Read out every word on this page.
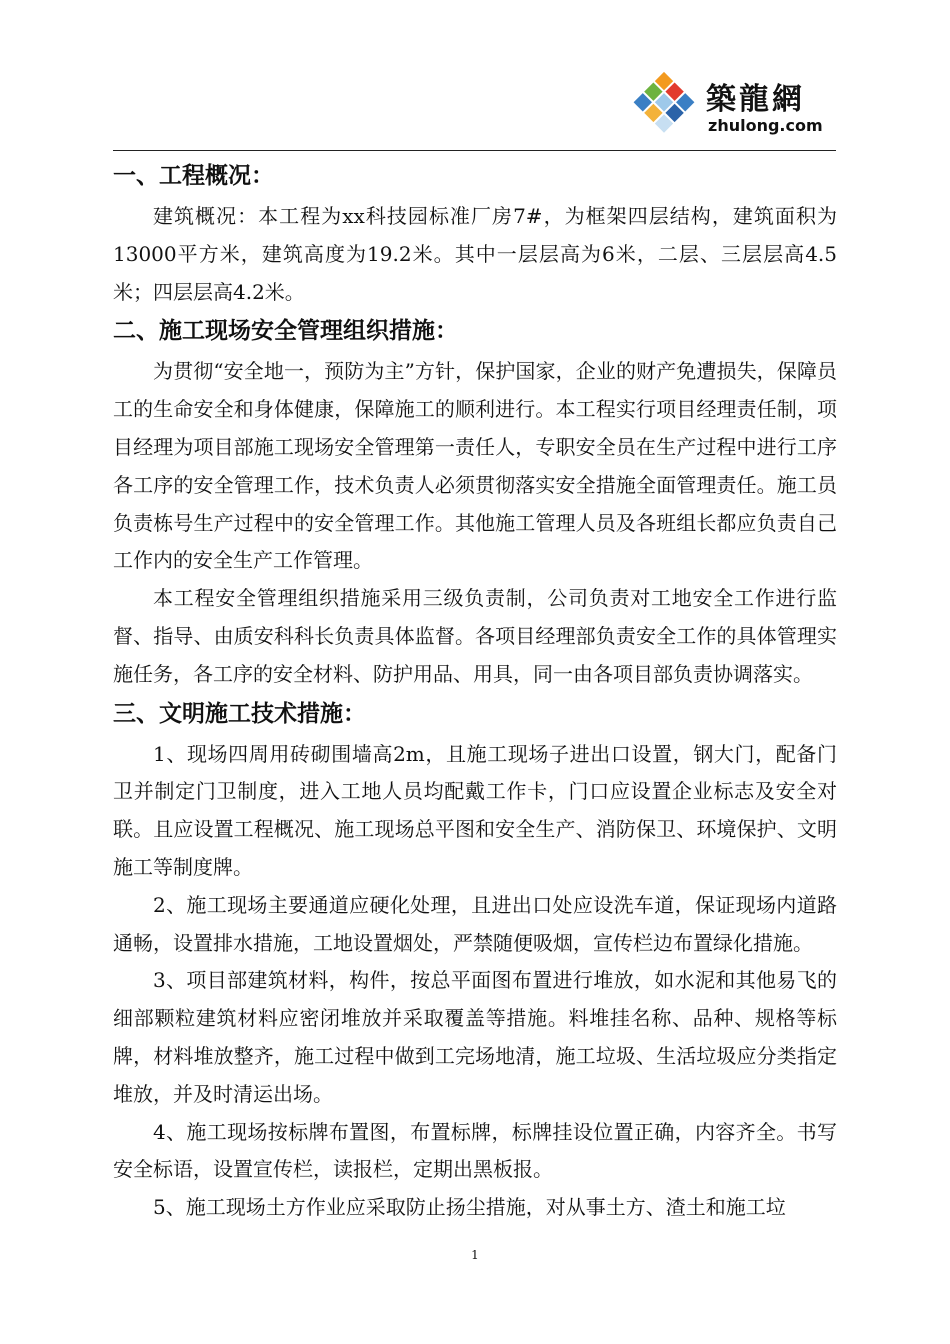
築龍網
zhulong.com
一、工程概况：

建筑概况：本工程为xx科技园标准厂房7#，为框架四层结构，建筑面积为13000平方米，建筑高度为19.2米。其中一层层高为6米，二层、三层层高4.5米；四层层高4.2米。

二、施工现场安全管理组织措施：

为贯彻“安全地一，预防为主”方针，保护国家，企业的财产免遭损失，保障员工的生命安全和身体健康，保障施工的顺利进行。本工程实行项目经理责任制，项目经理为项目部施工现场安全管理第一责任人，专职安全员在生产过程中进行工序各工序的安全管理工作，技术负责人必须贯彻落实安全措施全面管理责任。施工员负责栋号生产过程中的安全管理工作。其他施工管理人员及各班组长都应负责自己工作内的安全生产工作管理。

本工程安全管理组织措施采用三级负责制，公司负责对工地安全工作进行监督、指导、由质安科科长负责具体监督。各项目经理部负责安全工作的具体管理实施任务，各工序的安全材料、防护用品、用具，同一由各项目部负责协调落实。

三、文明施工技术措施：

1、现场四周用砖砌围墙高2m，且施工现场子进出口设置，钢大门，配备门卫并制定门卫制度，进入工地人员均配戴工作卡，门口应设置企业标志及安全对联。且应设置工程概况、施工现场总平图和安全生产、消防保卫、环境保护、文明施工等制度牌。

2、施工现场主要通道应硬化处理，且进出口处应设洗车道，保证现场内道路通畅，设置排水措施，工地设置烟处，严禁随便吸烟，宣传栏边布置绿化措施。

3、项目部建筑材料，构件，按总平面图布置进行堆放，如水泥和其他易飞的细部颗粒建筑材料应密闭堆放并采取覆盖等措施。料堆挂名称、品种、规格等标牌，材料堆放整齐，施工过程中做到工完场地清，施工垃圾、生活垃圾应分类指定堆放，并及时清运出场。

4、施工现场按标牌布置图，布置标牌，标牌挂设位置正确，内容齐全。书写安全标语，设置宣传栏，读报栏，定期出黑板报。

5、施工现场土方作业应采取防止扬尘措施，对从事土方、渣土和施工垃

1
